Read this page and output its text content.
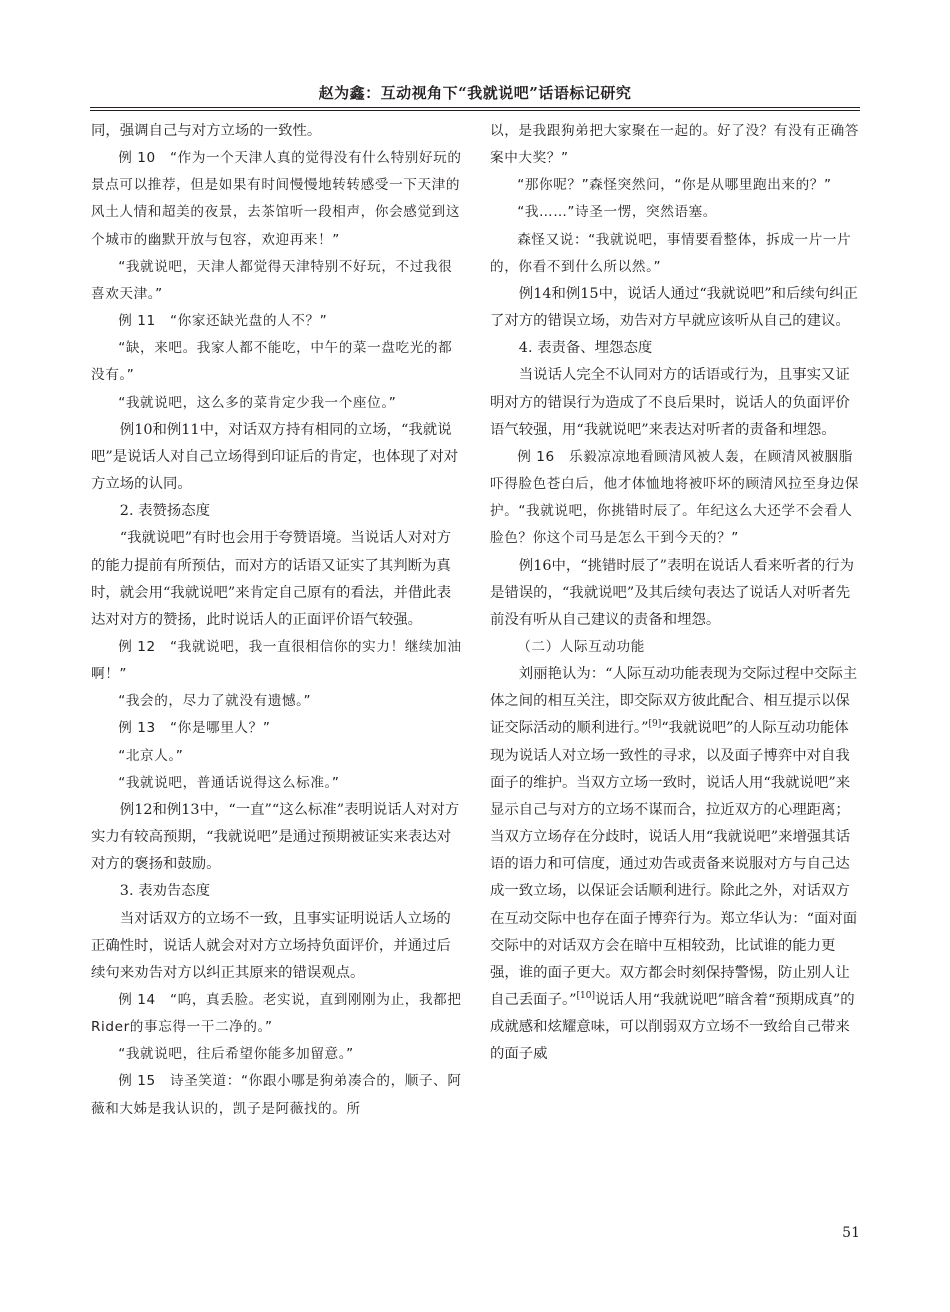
赵为鑫：互动视角下“我就说吧”话语标记研究

同，强调自己与对方立场的一致性。

例 10　 “作为一个天津人真的觉得没有什么特别好玩的景点可以推荐，但是如果有时间慢慢地转转感受一下天津的风土人情和超美的夜景，去茶馆听一段相声，你会感觉到这个城市的幽默开放与包容，欢迎再来！”

“我就说吧，天津人都觉得天津特别不好玩，不过我很喜欢天津。”

例 11　 “你家还缺光盘的人不？”

“缺，来吧。我家人都不能吃，中午的菜一盘吃光的都没有。”

“我就说吧，这么多的菜肯定少我一个座位。”

例10和例11中，对话双方持有相同的立场，“我就说吧”是说话人对自己立场得到印证后的肯定，也体现了对对方立场的认同。

2. 表赞扬态度

“我就说吧”有时也会用于夸赞语境。当说话人对对方的能力提前有所预估，而对方的话语又证实了其判断为真时，就会用“我就说吧”来肯定自己原有的看法，并借此表达对对方的赞扬，此时说话人的正面评价语气较强。

例 12　 “我就说吧，我一直很相信你的实力！继续加油啊！”

“我会的，尽力了就没有遗憾。”

例 13　 “你是哪里人？”

“北京人。”

“我就说吧，普通话说得这么标准。”

例12和例13中，“一直”“这么标准”表明说话人对对方实力有较高预期，“我就说吧”是通过预期被证实来表达对对方的褒扬和鼓励。

3. 表劝告态度

当对话双方的立场不一致，且事实证明说话人立场的正确性时，说话人就会对对方立场持负面评价，并通过后续句来劝告对方以纠正其原来的错误观点。

例 14　 “呜，真丢脸。老实说，直到刚刚为止，我都把Rider的事忘得一干二净的。”

“我就说吧，往后希望你能多加留意。”

例 15　 诗圣笑道：“你跟小哪是狗弟凑合的，顺子、阿薇和大姊是我认识的，凯子是阿薇找的。所

以，是我跟狗弟把大家聚在一起的。好了没？有没有正确答案中大奖？”

“那你呢？”森怪突然问，“你是从哪里跑出来的？”

“我……”诗圣一愣，突然语塞。

森怪又说：“我就说吧，事情要看整体，拆成一片一片的，你看不到什么所以然。”

例14和例15中，说话人通过“我就说吧”和后续句纠正了对方的错误立场，劝告对方早就应该听从自己的建议。

4. 表责备、埋怨态度

当说话人完全不认同对方的话语或行为，且事实又证明对方的错误行为造成了不良后果时，说话人的负面评价语气较强，用“我就说吧”来表达对听者的责备和埋怨。

例 16　 乐毅凉凉地看顾清风被人轰，在顾清风被胭脂吓得脸色苍白后，他才体恤地将被吓坏的顾清风拉至身边保护。“我就说吧，你挑错时辰了。年纪这么大还学不会看人脸色？你这个司马是怎么干到今天的？”

例16中，“挑错时辰了”表明在说话人看来听者的行为是错误的，“我就说吧”及其后续句表达了说话人对听者先前没有听从自己建议的责备和埋怨。

（二）人际互动功能

刘丽艳认为：“人际互动功能表现为交际过程中交际主体之间的相互关注，即交际双方彼此配合、相互提示以保证交际活动的顺利进行。”[9]“我就说吧”的人际互动功能体现为说话人对立场一致性的寻求，以及面子博弈中对自我面子的维护。当双方立场一致时，说话人用“我就说吧”来显示自己与对方的立场不谋而合，拉近双方的心理距离；当双方立场存在分歧时，说话人用“我就说吧”来增强其话语的语力和可信度，通过劝告或责备来说服对方与自己达成一致立场，以保证会话顺利进行。除此之外，对话双方在互动交际中也存在面子博弈行为。郑立华认为：“面对面交际中的对话双方会在暗中互相较劲，比试谁的能力更强，谁的面子更大。双方都会时刻保持警惕，防止别人让自己丢面子。”[10]说话人用“我就说吧”暗含着“预期成真”的成就感和炫耀意味，可以削弱双方立场不一致给自己带来的面子威

51
